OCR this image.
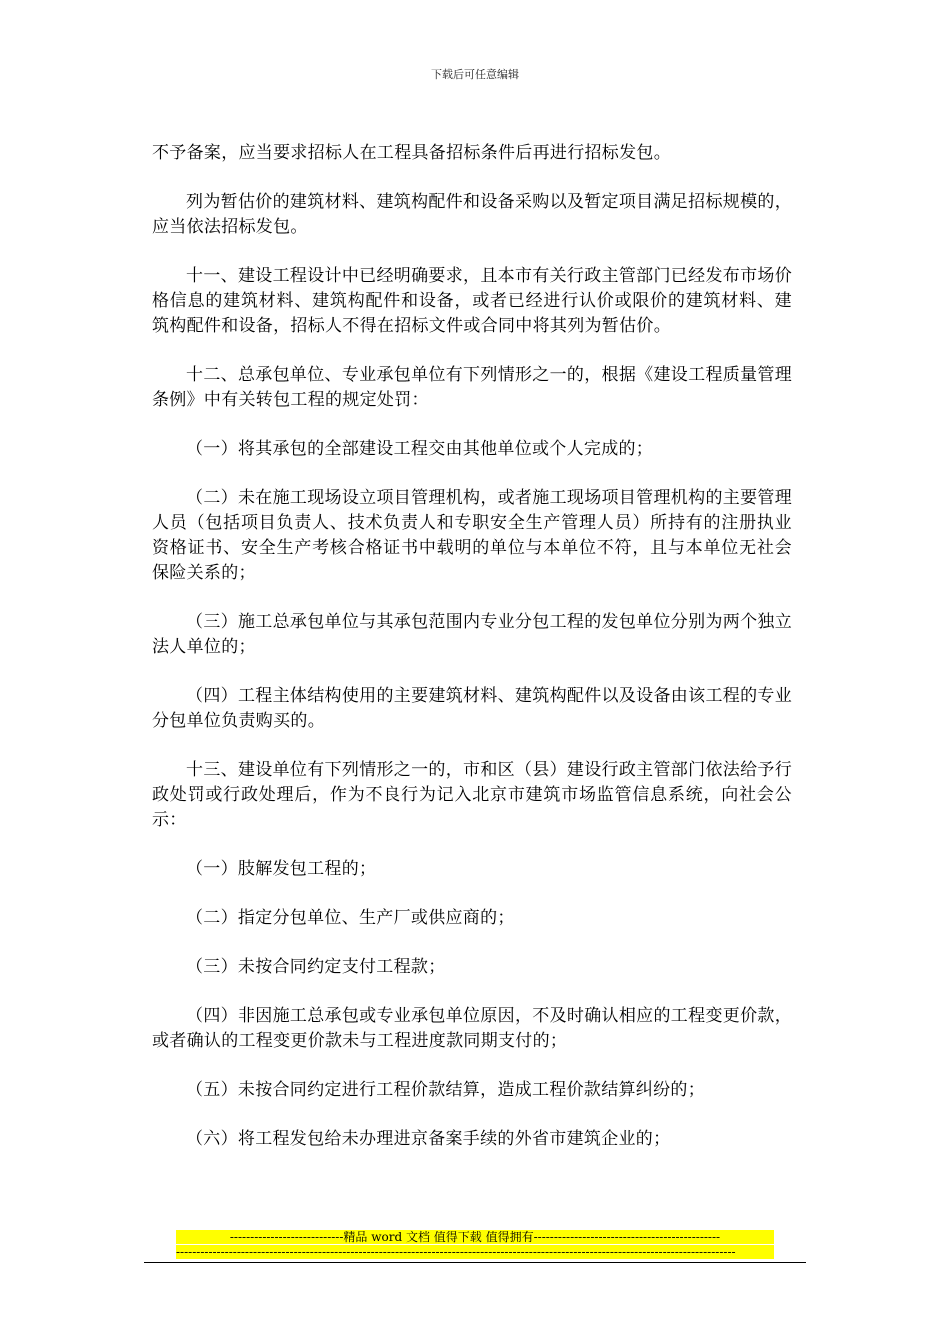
下载后可任意编辑

不予备案，应当要求招标人在工程具备招标条件后再进行招标发包。

列为暂估价的建筑材料、建筑构配件和设备采购以及暂定项目满足招标规模的，应当依法招标发包。

十一、建设工程设计中已经明确要求，且本市有关行政主管部门已经发布市场价格信息的建筑材料、建筑构配件和设备，或者已经进行认价或限价的建筑材料、建筑构配件和设备，招标人不得在招标文件或合同中将其列为暂估价。

十二、总承包单位、专业承包单位有下列情形之一的，根据《建设工程质量管理条例》中有关转包工程的规定处罚：

（一）将其承包的全部建设工程交由其他单位或个人完成的；

（二）未在施工现场设立项目管理机构，或者施工现场项目管理机构的主要管理人员（包括项目负责人、技术负责人和专职安全生产管理人员）所持有的注册执业资格证书、安全生产考核合格证书中载明的单位与本单位不符，且与本单位无社会保险关系的；

（三）施工总承包单位与其承包范围内专业分包工程的发包单位分别为两个独立法人单位的；

（四）工程主体结构使用的主要建筑材料、建筑构配件以及设备由该工程的专业分包单位负责购买的。

十三、建设单位有下列情形之一的，市和区（县）建设行政主管部门依法给予行政处罚或行政处理后，作为不良行为记入北京市建筑市场监管信息系统，向社会公示：

（一）肢解发包工程的；

（二）指定分包单位、生产厂或供应商的；

（三）未按合同约定支付工程款；

（四）非因施工总承包或专业承包单位原因，不及时确认相应的工程变更价款，或者确认的工程变更价款未与工程进度款同期支付的；

（五）未按合同约定进行工程价款结算，造成工程价款结算纠纷的；

（六）将工程发包给未办理进京备案手续的外省市建筑企业的；

----------------------------精品 word 文档 值得下载 值得拥有----------------------------------------------
------------------------------------------------------------------------------------------------------------------------------------------
